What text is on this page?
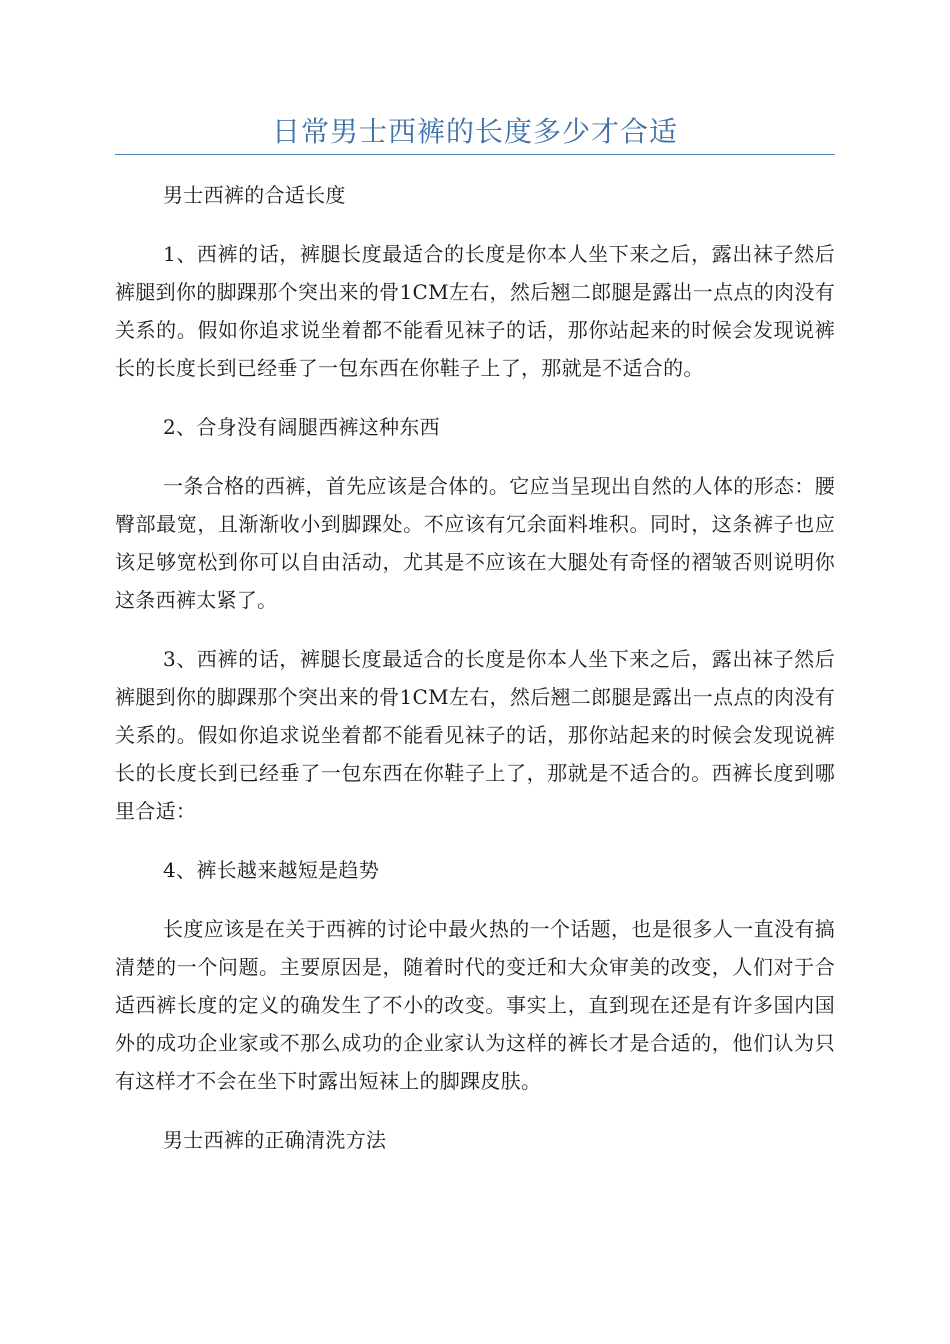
日常男士西裤的长度多少才合适

男士西裤的合适长度

1、西裤的话，裤腿长度最适合的长度是你本人坐下来之后，露出袜子然后裤腿到你的脚踝那个突出来的骨1CM左右，然后翘二郎腿是露出一点点的肉没有关系的。假如你追求说坐着都不能看见袜子的话，那你站起来的时候会发现说裤长的长度长到已经垂了一包东西在你鞋子上了，那就是不适合的。

2、合身没有阔腿西裤这种东西

一条合格的西裤，首先应该是合体的。它应当呈现出自然的人体的形态：腰臀部最宽，且渐渐收小到脚踝处。不应该有冗余面料堆积。同时，这条裤子也应该足够宽松到你可以自由活动，尤其是不应该在大腿处有奇怪的褶皱否则说明你这条西裤太紧了。

3、西裤的话，裤腿长度最适合的长度是你本人坐下来之后，露出袜子然后裤腿到你的脚踝那个突出来的骨1CM左右，然后翘二郎腿是露出一点点的肉没有关系的。假如你追求说坐着都不能看见袜子的话，那你站起来的时候会发现说裤长的长度长到已经垂了一包东西在你鞋子上了，那就是不适合的。西裤长度到哪里合适：

4、裤长越来越短是趋势

长度应该是在关于西裤的讨论中最火热的一个话题，也是很多人一直没有搞清楚的一个问题。主要原因是，随着时代的变迁和大众审美的改变，人们对于合适西裤长度的定义的确发生了不小的改变。事实上，直到现在还是有许多国内国外的成功企业家或不那么成功的企业家认为这样的裤长才是合适的，他们认为只有这样才不会在坐下时露出短袜上的脚踝皮肤。

男士西裤的正确清洗方法
